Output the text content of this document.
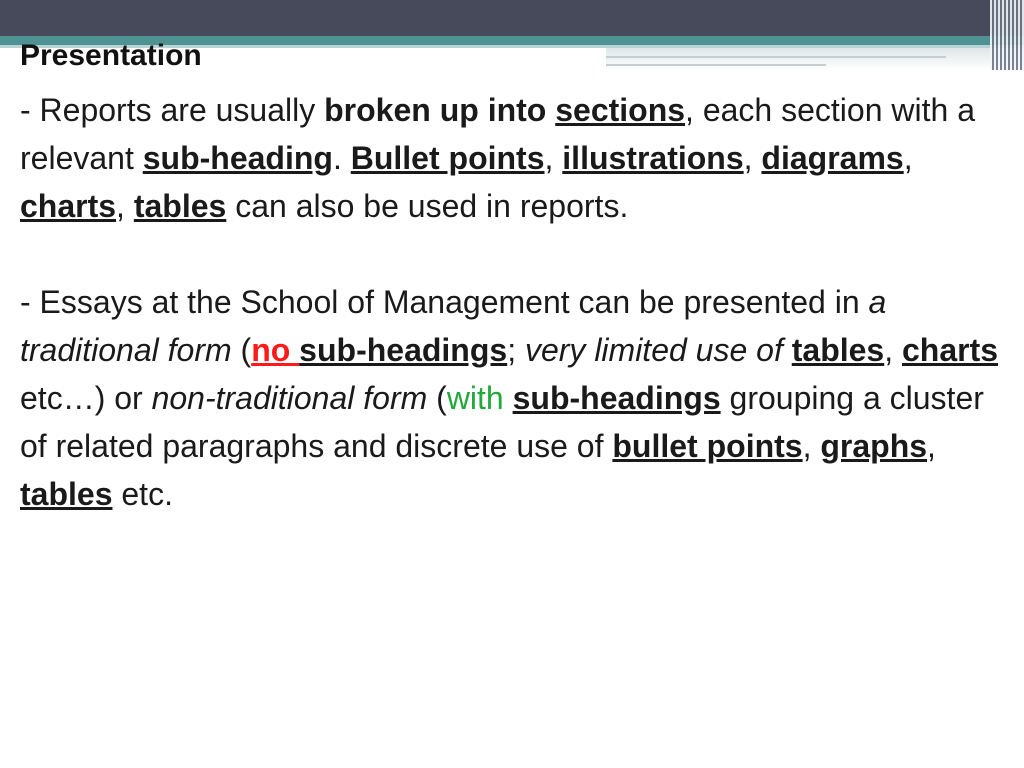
Presentation

- Reports are usually broken up into sections, each section with a relevant sub-heading. Bullet points, illustrations, diagrams, charts, tables can also be used in reports.

- Essays at the School of Management can be presented in a traditional form (no sub-headings; very limited use of tables, charts etc…) or non-traditional form (with sub-headings grouping a cluster of related paragraphs and discrete use of bullet points, graphs, tables etc.
